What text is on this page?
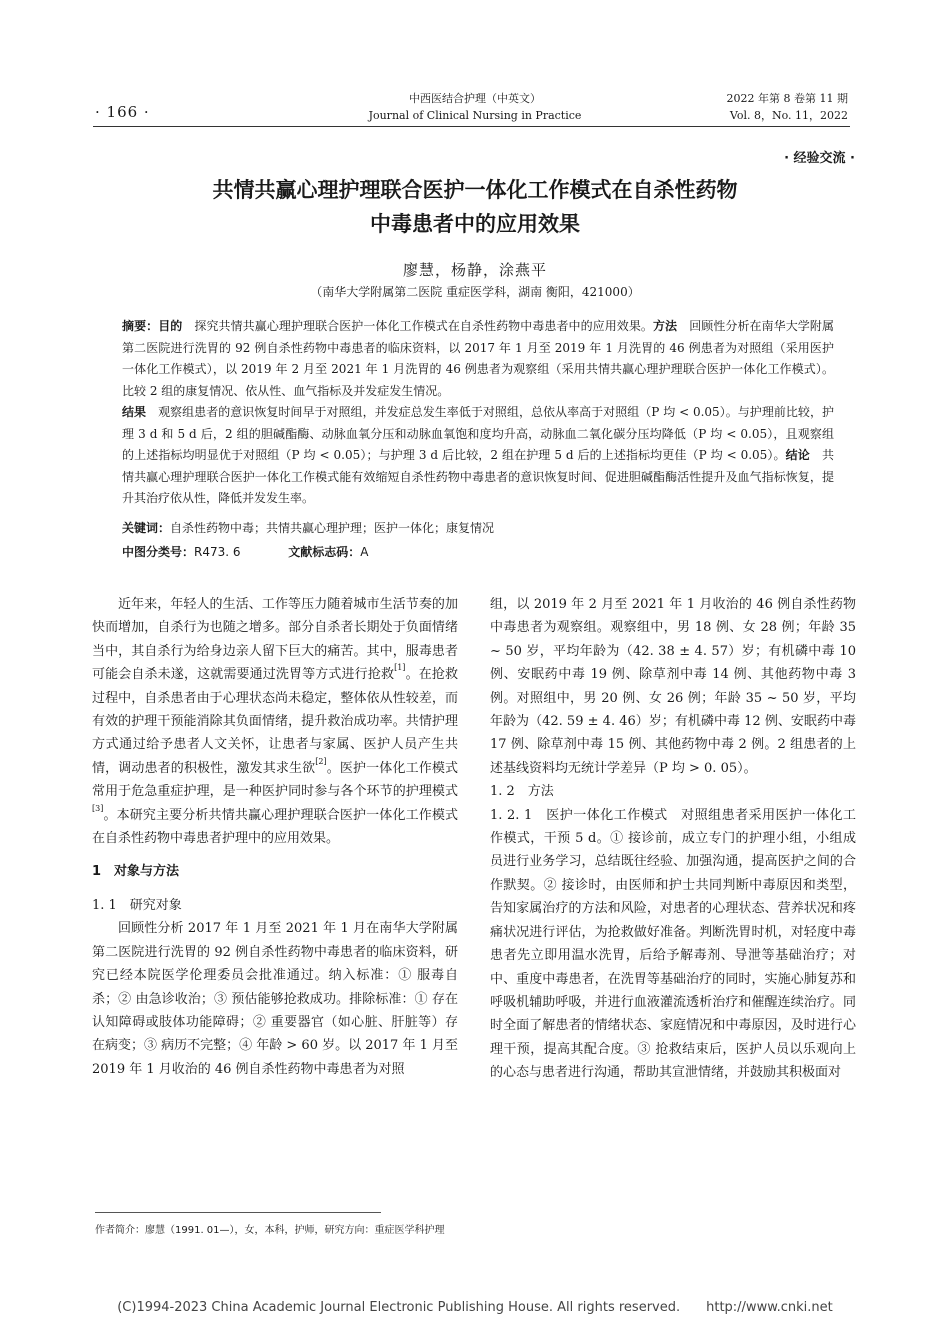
· 166 ·
中西医结合护理（中英文）
Journal of Clinical Nursing in Practice
2022 年第 8 卷第 11 期
Vol. 8，No. 11，2022
· 经验交流 ·
共情共赢心理护理联合医护一体化工作模式在自杀性药物
中毒患者中的应用效果
廖慧，杨静，涂燕平
（南华大学附属第二医院 重症医学科，湖南 衡阳，421000）
摘要：目的　探究共情共赢心理护理联合医护一体化工作模式在自杀性药物中毒患者中的应用效果。方法　回顾性分析在南华大学附属第二医院进行洗胃的 92 例自杀性药物中毒患者的临床资料，以 2017 年 1 月至 2019 年 1 月洗胃的 46 例患者为对照组（采用医护一体化工作模式），以 2019 年 2 月至 2021 年 1 月洗胃的 46 例患者为观察组（采用共情共赢心理护理联合医护一体化工作模式）。比较 2 组的康复情况、依从性、血气指标及并发症发生情况。
结果　观察组患者的意识恢复时间早于对照组，并发症总发生率低于对照组，总依从率高于对照组（P 均 < 0.05）。与护理前比较，护理 3 d 和 5 d 后，2 组的胆碱酯酶、动脉血氧分压和动脉血氧饱和度均升高，动脉血二氧化碳分压均降低（P 均 < 0.05），且观察组的上述指标均明显优于对照组（P 均 < 0.05）；与护理 3 d 后比较，2 组在护理 5 d 后的上述指标均更佳（P 均 < 0.05）。结论　共情共赢心理护理联合医护一体化工作模式能有效缩短自杀性药物中毒患者的意识恢复时间、促进胆碱酯酶活性提升及血气指标恢复，提升其治疗依从性，降低并发发生率。
关键词：自杀性药物中毒；共情共赢心理护理；医护一体化；康复情况
中图分类号：R473. 6	文献标志码：A

近年来，年轻人的生活、工作等压力随着城市生活节奏的加快而增加，自杀行为也随之增多。部分自杀者长期处于负面情绪当中，其自杀行为给身边亲人留下巨大的痛苦。其中，服毒患者可能会自杀未遂，这就需要通过洗胃等方式进行抢救[1]。在抢救过程中，自杀患者由于心理状态尚未稳定，整体依从性较差，而有效的护理干预能消除其负面情绪，提升救治成功率。共情护理方式通过给予患者人文关怀，让患者与家属、医护人员产生共情，调动患者的积极性，激发其求生欲[2]。医护一体化工作模式常用于危急重症护理，是一种医护同时参与各个环节的护理模式[3]。本研究主要分析共情共赢心理护理联合医护一体化工作模式在自杀性药物中毒患者护理中的应用效果。

1　对象与方法

1. 1　研究对象

回顾性分析 2017 年 1 月至 2021 年 1 月在南华大学附属第二医院进行洗胃的 92 例自杀性药物中毒患者的临床资料，研究已经本院医学伦理委员会批准通过。纳入标准：① 服毒自杀；② 由急诊收治；③ 预估能够抢救成功。排除标准：① 存在认知障碍或肢体功能障碍；② 重要器官（如心脏、肝脏等）存在病变；③ 病历不完整；④ 年龄 > 60 岁。以 2017 年 1 月至 2019 年 1 月收治的 46 例自杀性药物中毒患者为对照

组，以 2019 年 2 月至 2021 年 1 月收治的 46 例自杀性药物中毒患者为观察组。观察组中，男 18 例、女 28 例；年龄 35 ~ 50 岁，平均年龄为（42. 38 ± 4. 57）岁；有机磷中毒 10 例、安眠药中毒 19 例、除草剂中毒 14 例、其他药物中毒 3 例。对照组中，男 20 例、女 26 例；年龄 35 ~ 50 岁，平均年龄为（42. 59 ± 4. 46）岁；有机磷中毒 12 例、安眠药中毒 17 例、除草剂中毒 15 例、其他药物中毒 2 例。2 组患者的上述基线资料均无统计学差异（P 均 > 0. 05）。

1. 2　方法

1. 2. 1　医护一体化工作模式　对照组患者采用医护一体化工作模式，干预 5 d。① 接诊前，成立专门的护理小组，小组成员进行业务学习，总结既往经验、加强沟通，提高医护之间的合作默契。② 接诊时，由医师和护士共同判断中毒原因和类型，告知家属治疗的方法和风险，对患者的心理状态、营养状况和疼痛状况进行评估，为抢救做好准备。判断洗胃时机，对轻度中毒患者先立即用温水洗胃，后给予解毒剂、导泄等基础治疗；对中、重度中毒患者，在洗胃等基础治疗的同时，实施心肺复苏和呼吸机辅助呼吸，并进行血液灌流透析治疗和催醒连续治疗。同时全面了解患者的情绪状态、家庭情况和中毒原因，及时进行心理干预，提高其配合度。③ 抢救结束后，医护人员以乐观向上的心态与患者进行沟通，帮助其宣泄情绪，并鼓励其积极面对

作者简介：廖慧（1991. 01—），女，本科，护师，研究方向：重症医学科护理
(C)1994-2023 China Academic Journal Electronic Publishing House. All rights reserved.　　http://www.cnki.net
